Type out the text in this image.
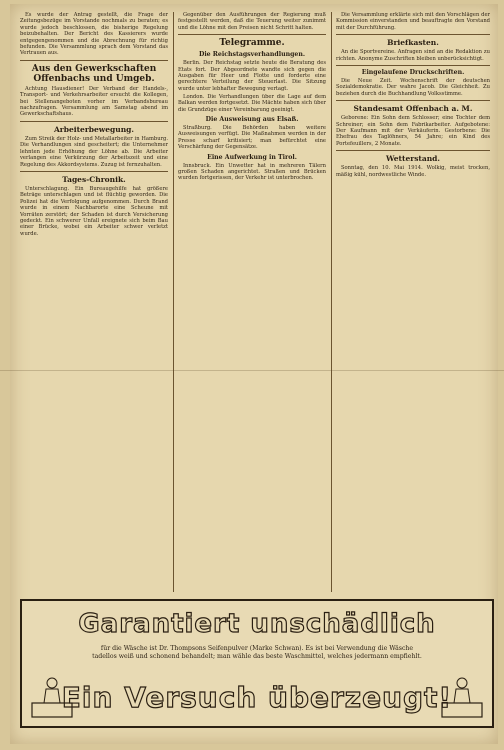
Es wurde der Antrag gestellt, die Frage der Zeitungsbezüge im Vorstande nochmals zu beraten; es wurde jedoch beschlossen, die bisherige Regelung beizubehalten. Der Bericht des Kassierers wurde entgegengenommen und die Abrechnung für richtig befunden. Die Versammlung sprach dem Vorstand das Vertrauen aus.
Aus den Gewerkschaften Offenbachs und Umgeb.
Achtung Hausdiener! Der Verband der Handels-, Transport- und Verkehrsarbeiter ersucht die Kollegen, bei Stellenangeboten vorher im Verbandsbureau nachzufragen. Versammlung am Samstag abend im Gewerkschaftshaus.
Arbeiterbewegung.
Zum Streik der Holz- und Metallarbeiter in Hamburg. Die Verhandlungen sind gescheitert; die Unternehmer lehnten jede Erhöhung der Löhne ab. Die Arbeiter verlangen eine Verkürzung der Arbeitszeit und eine Regelung des Akkordsystems. Zuzug ist fernzuhalten.
Tages-Chronik.
Unterschlagung. Ein Bureaugehilfe hat größere Beträge unterschlagen und ist flüchtig geworden. Die Polizei hat die Verfolgung aufgenommen. Durch Brand wurde in einem Nachbarorte eine Scheune mit Vorräten zerstört; der Schaden ist durch Versicherung gedeckt. Ein schwerer Unfall ereignete sich beim Bau einer Brücke, wobei ein Arbeiter schwer verletzt wurde.
Gegenüber den Ausführungen der Regierung muß festgestellt werden, daß die Teuerung weiter zunimmt und die Löhne mit den Preisen nicht Schritt halten.
Telegramme.
Die Reichstagsverhandlungen.
Berlin. Der Reichstag setzte heute die Beratung des Etats fort. Der Abgeordnete wandte sich gegen die Ausgaben für Heer und Flotte und forderte eine gerechtere Verteilung der Steuerlast. Die Sitzung wurde unter lebhafter Bewegung vertagt.
London. Die Verhandlungen über die Lage auf dem Balkan werden fortgesetzt. Die Mächte haben sich über die Grundzüge einer Vereinbarung geeinigt.
Die Ausweisung aus Elsaß.
Straßburg. Die Behörden haben weitere Ausweisungen verfügt. Die Maßnahmen werden in der Presse scharf kritisiert; man befürchtet eine Verschärfung der Gegensätze.
Eine Aufwerkung in Tirol.
Innsbruck. Ein Unwetter hat in mehreren Tälern großen Schaden angerichtet. Straßen und Brücken wurden fortgerissen, der Verkehr ist unterbrochen.
Die Versammlung erklärte sich mit den Vorschlägen der Kommission einverstanden und beauftragte den Vorstand mit der Durchführung.
Briefkasten.
An die Sportvereine. Anfragen sind an die Redaktion zu richten. Anonyme Zuschriften bleiben unberücksichtigt.
Eingelaufene Druckschriften.
Die Neue Zeit. Wochenschrift der deutschen Sozialdemokratie. Der wahre Jacob. Die Gleichheit. Zu beziehen durch die Buchhandlung Volksstimme.
Standesamt Offenbach a. M.
Geborene: Ein Sohn dem Schlosser; eine Tochter dem Schreiner; ein Sohn dem Fabrikarbeiter. Aufgebotene: Der Kaufmann mit der Verkäuferin. Gestorbene: Die Ehefrau des Taglöhners, 54 Jahre; ein Kind des Portefeuillers, 2 Monate.
Wetterstand.
Sonntag, den 10. Mai 1914. Wolkig, meist trocken, mäßig kühl, nordwestliche Winde.
Garantiert unschädlich
für die Wäsche ist Dr. Thompsons Seifenpulver (Marke Schwan). Es ist bei Verwendung die Wäsche tadellos weiß und schonend behandelt; man wähle das beste Waschmittel, welches jedermann empfiehlt.
Ein Versuch überzeugt!
